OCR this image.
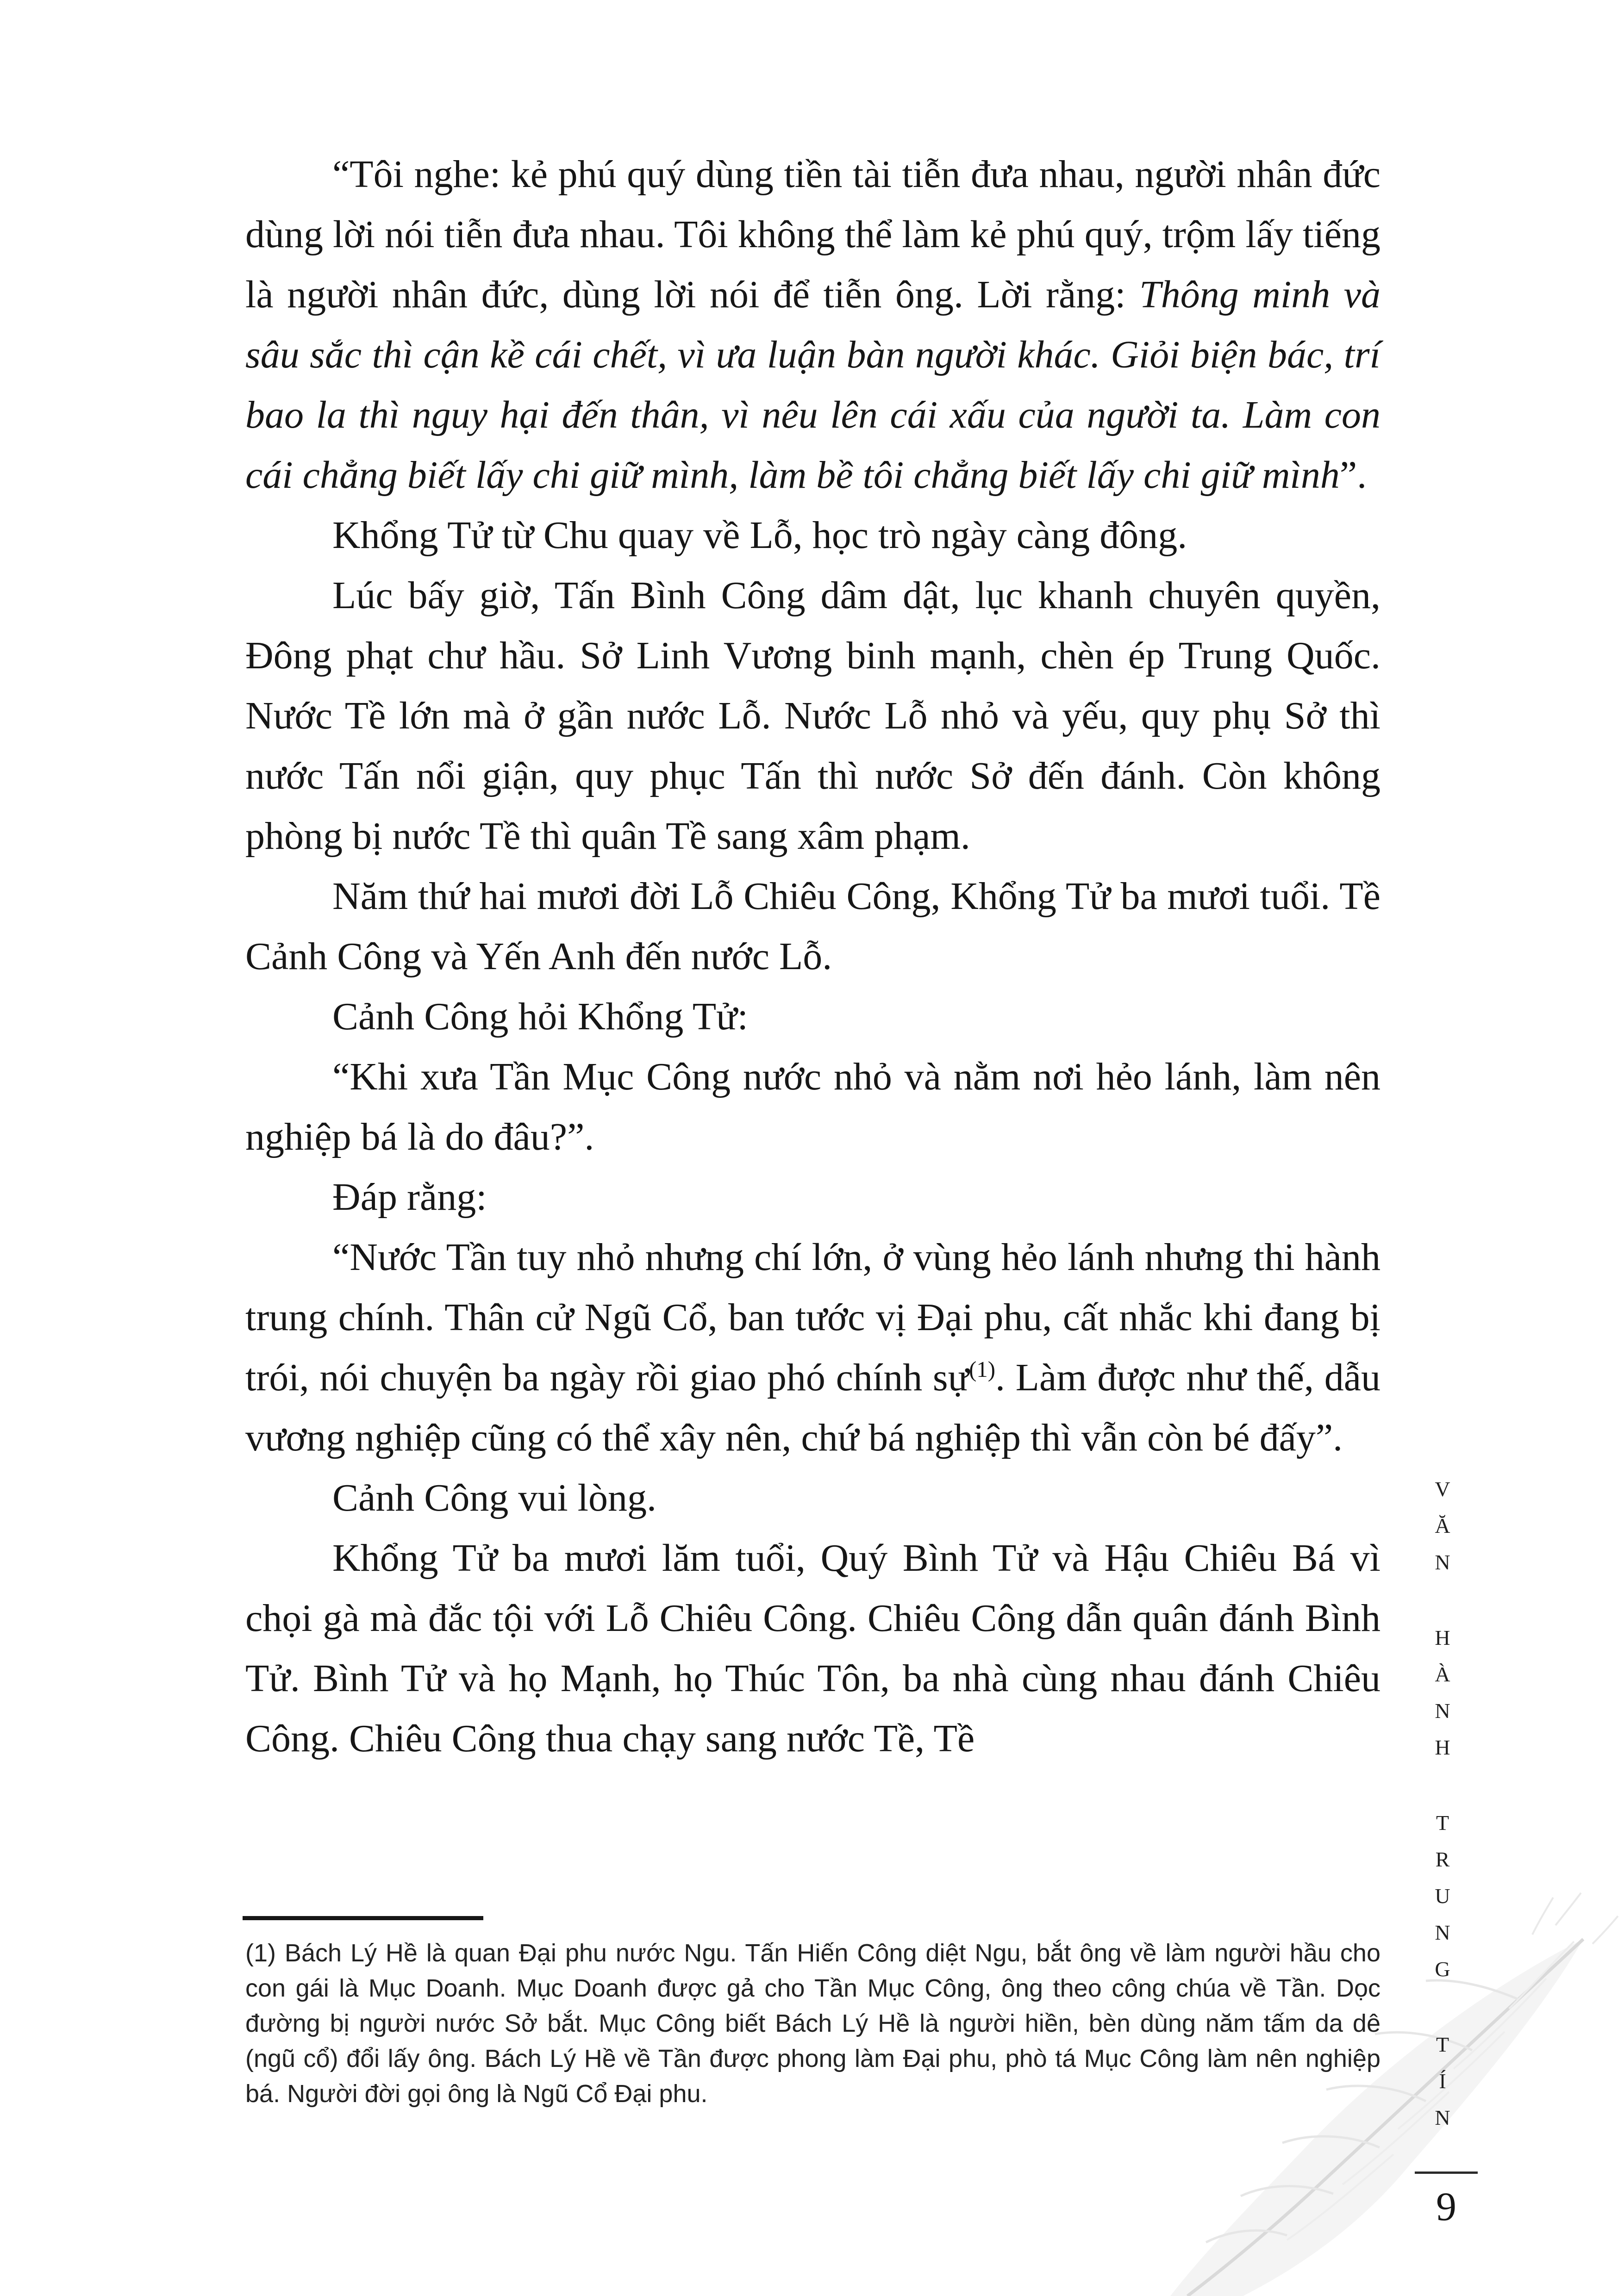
“Tôi nghe: kẻ phú quý dùng tiền tài tiễn đưa nhau, người nhân đức dùng lời nói tiễn đưa nhau. Tôi không thể làm kẻ phú quý, trộm lấy tiếng là người nhân đức, dùng lời nói để tiễn ông. Lời rằng: Thông minh và sâu sắc thì cận kề cái chết, vì ưa luận bàn người khác. Giỏi biện bác, trí bao la thì nguy hại đến thân, vì nêu lên cái xấu của người ta. Làm con cái chẳng biết lấy chi giữ mình, làm bề tôi chẳng biết lấy chi giữ mình”.

Khổng Tử từ Chu quay về Lỗ, học trò ngày càng đông.

Lúc bấy giờ, Tấn Bình Công dâm dật, lục khanh chuyên quyền, Đông phạt chư hầu. Sở Linh Vương binh mạnh, chèn ép Trung Quốc. Nước Tề lớn mà ở gần nước Lỗ. Nước Lỗ nhỏ và yếu, quy phụ Sở thì nước Tấn nổi giận, quy phục Tấn thì nước Sở đến đánh. Còn không phòng bị nước Tề thì quân Tề sang xâm phạm.

Năm thứ hai mươi đời Lỗ Chiêu Công, Khổng Tử ba mươi tuổi. Tề Cảnh Công và Yến Anh đến nước Lỗ.

Cảnh Công hỏi Khổng Tử:

“Khi xưa Tần Mục Công nước nhỏ và nằm nơi hẻo lánh, làm nên nghiệp bá là do đâu?”.

Đáp rằng:

“Nước Tần tuy nhỏ nhưng chí lớn, ở vùng hẻo lánh nhưng thi hành trung chính. Thân cử Ngũ Cổ, ban tước vị Đại phu, cất nhắc khi đang bị trói, nói chuyện ba ngày rồi giao phó chính sự$^{(1)}$. Làm được như thế, dẫu vương nghiệp cũng có thể xây nên, chứ bá nghiệp thì vẫn còn bé đấy”.

Cảnh Công vui lòng.

Khổng Tử ba mươi lăm tuổi, Quý Bình Tử và Hậu Chiêu Bá vì chọi gà mà đắc tội với Lỗ Chiêu Công. Chiêu Công dẫn quân đánh Bình Tử. Bình Tử và họ Mạnh, họ Thúc Tôn, ba nhà cùng nhau đánh Chiêu Công. Chiêu Công thua chạy sang nước Tề, Tề

(1) Bách Lý Hề là quan Đại phu nước Ngu. Tấn Hiến Công diệt Ngu, bắt ông về làm người hầu cho con gái là Mục Doanh. Mục Doanh được gả cho Tần Mục Công, ông theo công chúa về Tần. Dọc đường bị người nước Sở bắt. Mục Công biết Bách Lý Hề là người hiền, bèn dùng năm tấm da dê (ngũ cổ) đổi lấy ông. Bách Lý Hề về Tần được phong làm Đại phu, phò tá Mục Công làm nên nghiệp bá. Người đời gọi ông là Ngũ Cổ Đại phu.
V
Ă
N
H
À
N
H
T
R
U
N
G
T
Í
N
9
